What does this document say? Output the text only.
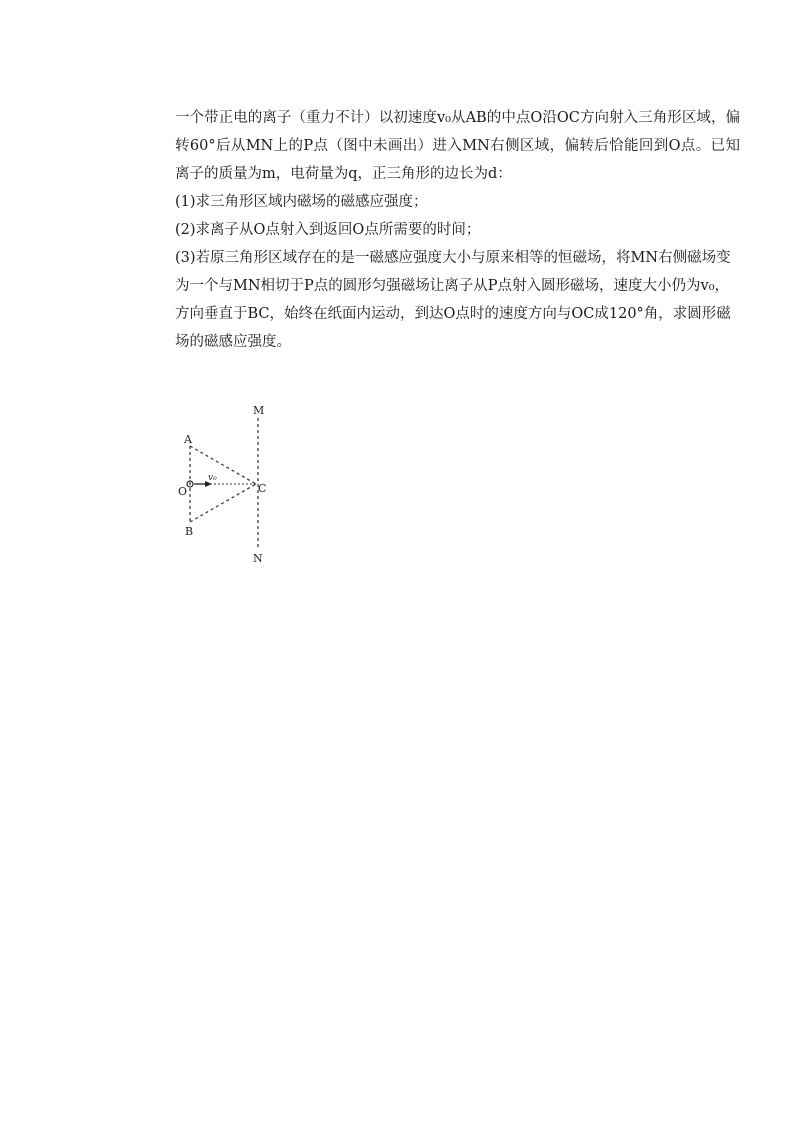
一个带正电的离子（重力不计）以初速度v₀从AB的中点O沿OC方向射入三角形区域，偏转60°后从MN上的P点（图中未画出）进入MN右侧区域，偏转后恰能回到O点。已知离子的质量为m，电荷量为q，正三角形的边长为d：

(1)求三角形区域内磁场的磁感应强度；

(2)求离子从O点射入到返回O点所需要的时间；

(3)若原三角形区域存在的是一磁感应强度大小与原来相等的恒磁场，将MN右侧磁场变为一个与MN相切于P点的圆形匀强磁场让离子从P点射入圆形磁场，速度大小仍为v₀，方向垂直于BC，始终在纸面内运动，到达O点时的速度方向与OC成120°角，求圆形磁场的磁感应强度。

M
A
O
v₀
C
B
N
